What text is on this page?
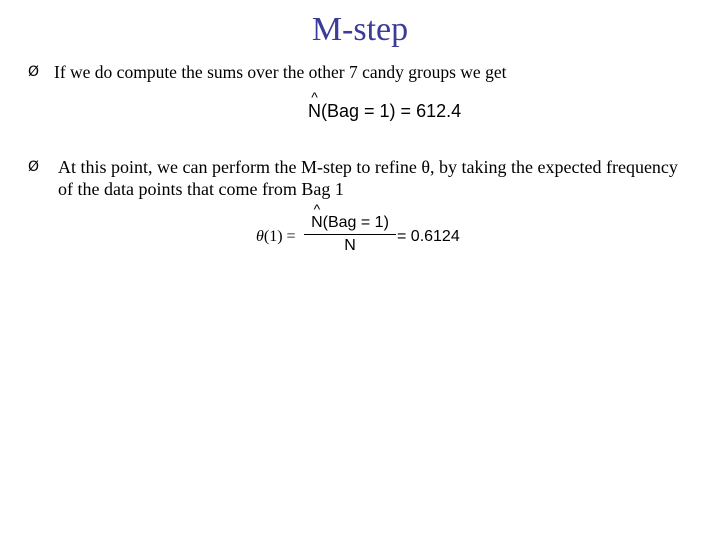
M-step
Ø If we do compute the sums over the other 7 candy groups we get
^ N(Bag = 1) = 612.4
Ø At this point, we can perform the M-step to refine θ, by taking the expected frequency of the data points that come from Bag 1
θ(1) =
^ N(Bag = 1)
N
= 0.6124
